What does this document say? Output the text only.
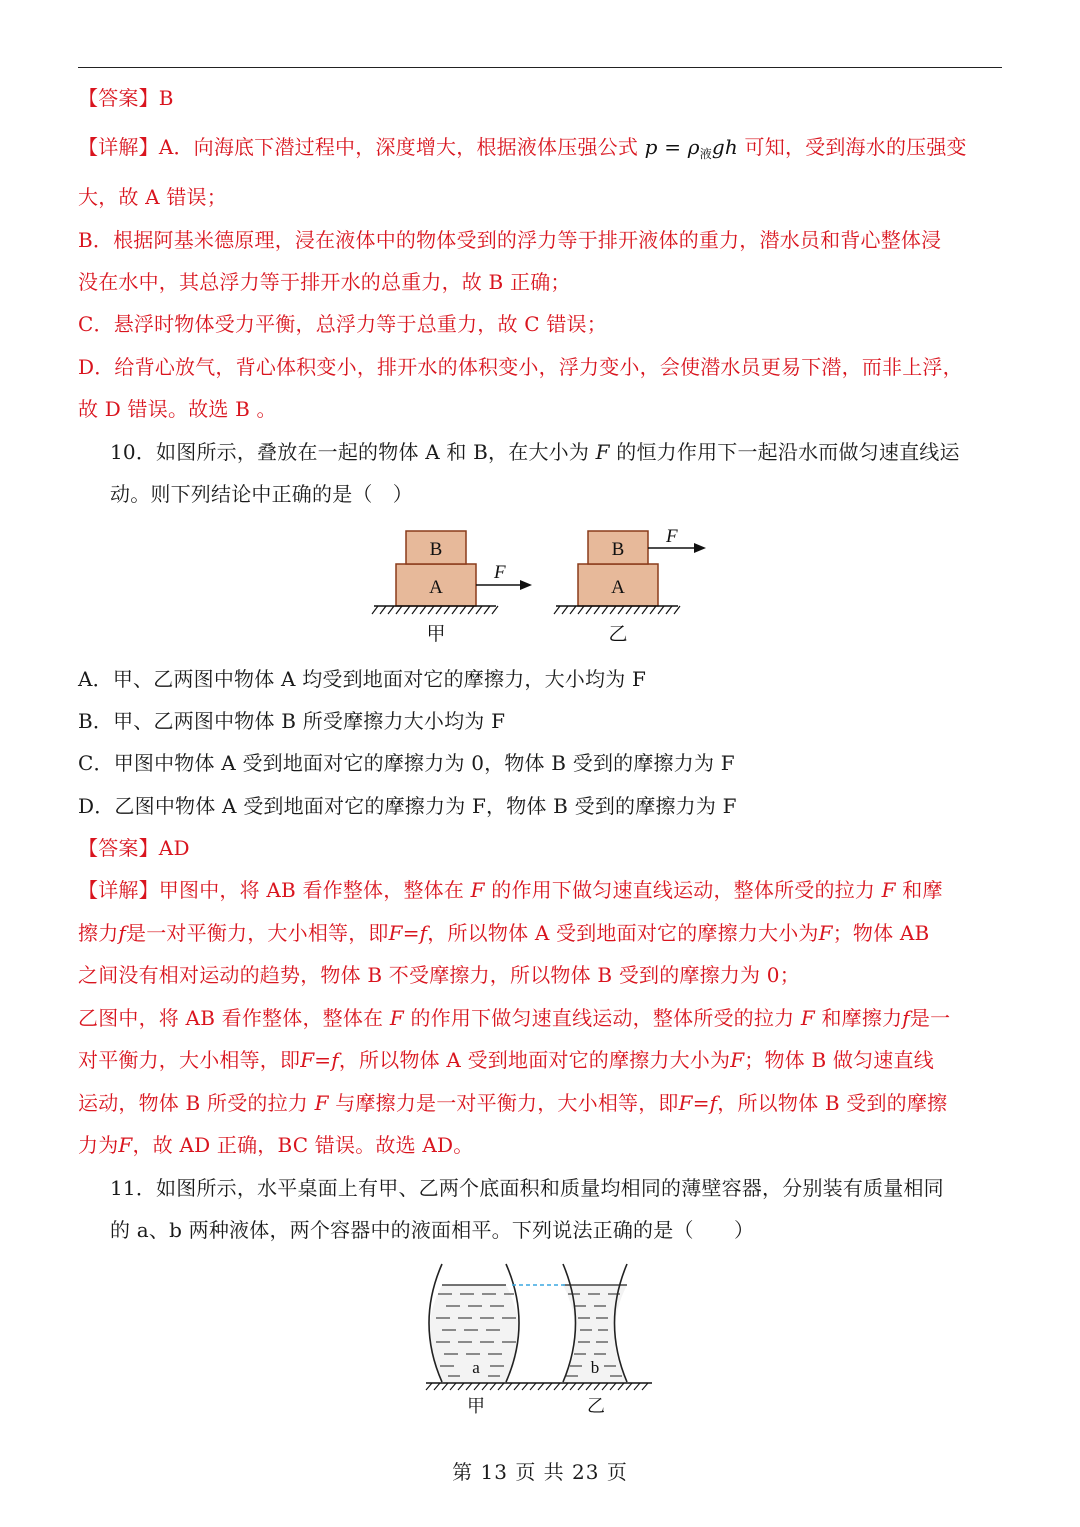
【答案】B
【详解】A．向海底下潜过程中，深度增大，根据液体压强公式 $p = \rho_液gh$ 可知，受到海水的压强变
大，故 A 错误；
B．根据阿基米德原理，浸在液体中的物体受到的浮力等于排开液体的重力，潜水员和背心整体浸
没在水中，其总浮力等于排开水的总重力，故 B 正确；
C．悬浮时物体受力平衡，总浮力等于总重力，故 C 错误；
D．给背心放气，背心体积变小，排开水的体积变小，浮力变小，会使潜水员更易下潜，而非上浮，
故 D 错误。故选 B 。
10．如图所示，叠放在一起的物体 A 和 B，在大小为 F 的恒力作用下一起沿水而做匀速直线运
动。则下列结论中正确的是（　）
A
B
F
甲
A
B
F
乙
A．甲、乙两图中物体 A 均受到地面对它的摩擦力，大小均为 F
B．甲、乙两图中物体 B 所受摩擦力大小均为 F
C．甲图中物体 A 受到地面对它的摩擦力为 0，物体 B 受到的摩擦力为 F
D．乙图中物体 A 受到地面对它的摩擦力为 F，物体 B 受到的摩擦力为 F
【答案】AD
【详解】甲图中，将 AB 看作整体，整体在 F 的作用下做匀速直线运动，整体所受的拉力 F 和摩
擦力f是一对平衡力，大小相等，即F=f，所以物体 A 受到地面对它的摩擦力大小为F；物体 AB
之间没有相对运动的趋势，物体 B 不受摩擦力，所以物体 B 受到的摩擦力为 0；
乙图中，将 AB 看作整体，整体在 F 的作用下做匀速直线运动，整体所受的拉力 F 和摩擦力f是一
对平衡力，大小相等，即F=f，所以物体 A 受到地面对它的摩擦力大小为F；物体 B 做匀速直线
运动，物体 B 所受的拉力 F 与摩擦力是一对平衡力，大小相等，即F=f，所以物体 B 受到的摩擦
力为F，故 AD 正确，BC 错误。故选 AD。
11．如图所示，水平桌面上有甲、乙两个底面积和质量均相同的薄壁容器，分别装有质量相同
的 a、b 两种液体，两个容器中的液面相平。下列说法正确的是（　　）
a	b
甲	乙
第 13 页 共 23 页
